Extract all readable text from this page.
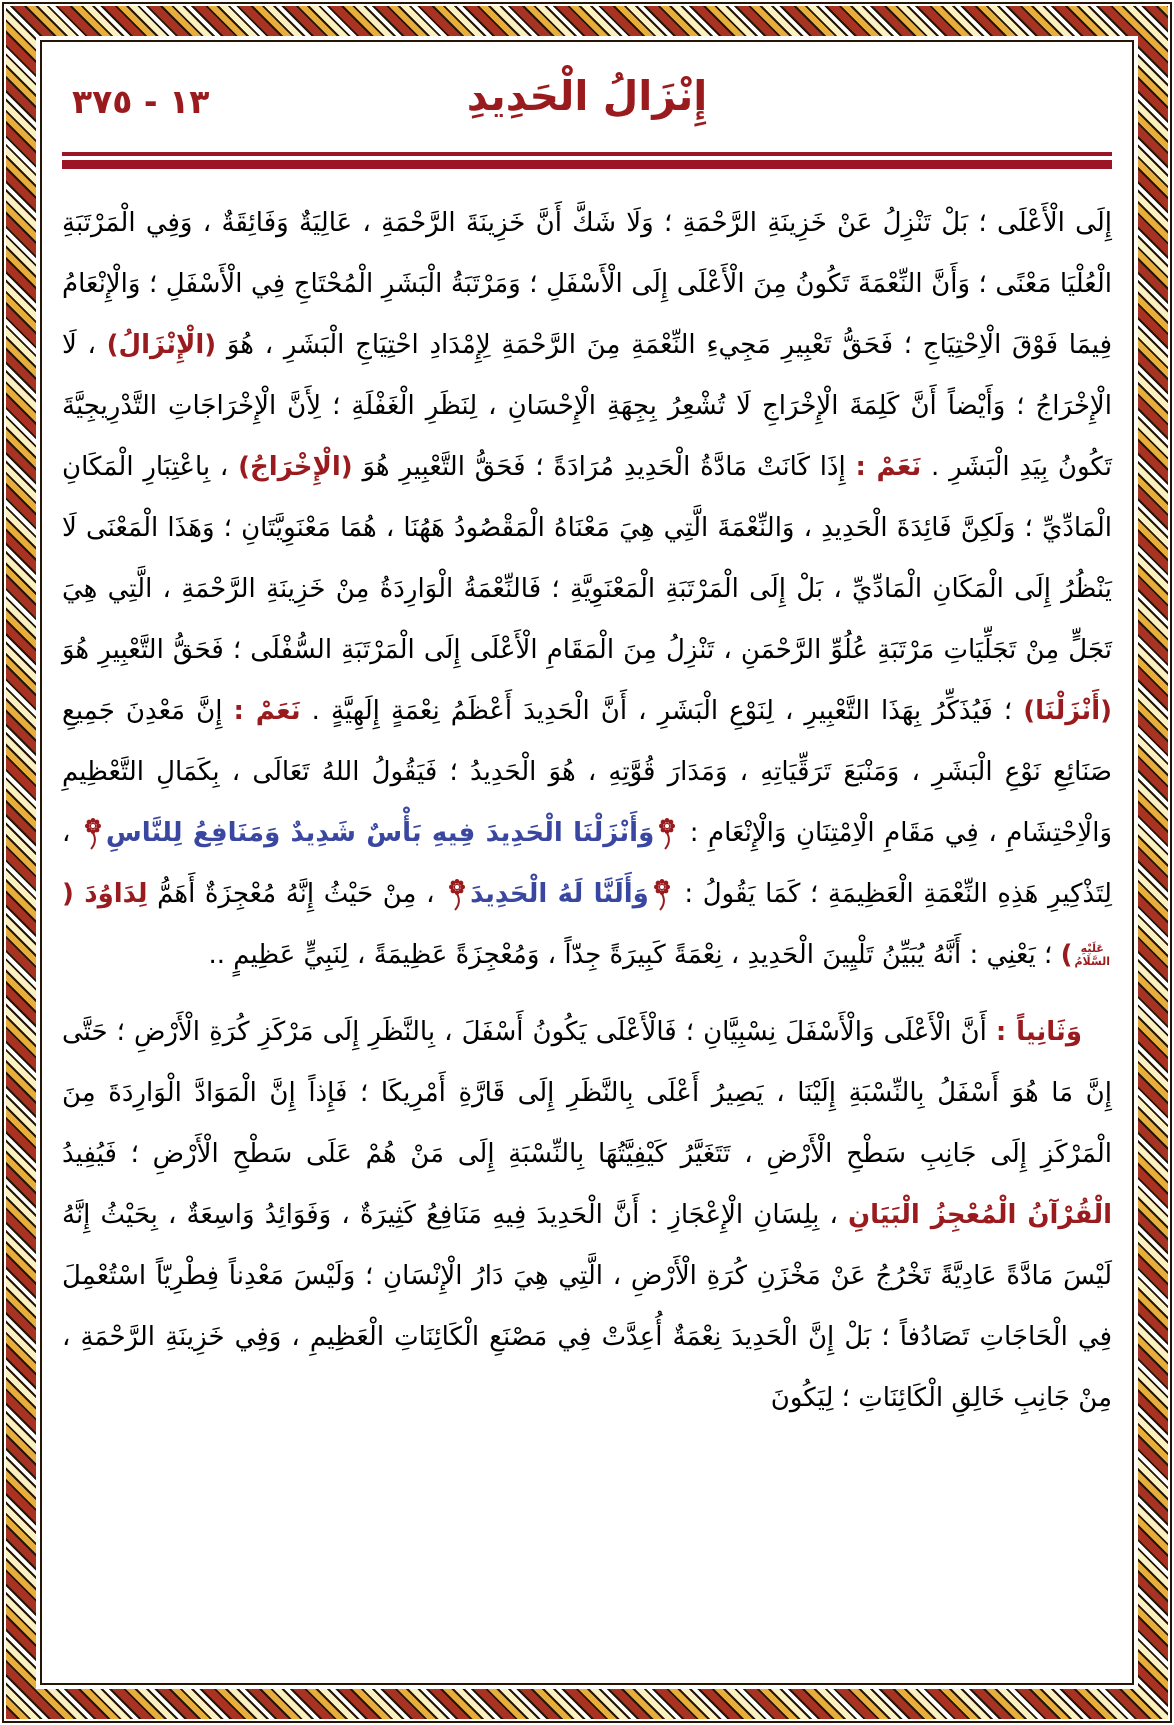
١٣ - ٣٧٥	إِنْزَالُ الْحَدِيدِ

إِلَى الْأَعْلَى ؛ بَلْ تَنْزِلُ عَنْ خَزِينَةِ الرَّحْمَةِ ؛ وَلَا شَكَّ أَنَّ خَزِينَةَ الرَّحْمَةِ ، عَالِيَةٌ وَفَائِقَةٌ ، وَفِي الْمَرْتَبَةِ الْعُلْيَا مَعْنًى ؛ وَأَنَّ النِّعْمَةَ تَكُونُ مِنَ الْأَعْلَى إِلَى الْأَسْفَلِ ؛ وَمَرْتَبَةُ الْبَشَرِ الْمُحْتَاجِ فِي الْأَسْفَلِ ؛ وَالْإِنْعَامُ فِيمَا فَوْقَ الْاِحْتِيَاجِ ؛ فَحَقُّ تَعْبِيرِ مَجِيءِ النِّعْمَةِ مِنَ الرَّحْمَةِ لِإِمْدَادِ احْتِيَاجِ الْبَشَرِ ، هُوَ (الْإِنْزَالُ) ، لَا الْإِخْرَاجُ ؛ وَأَيْضاً أَنَّ كَلِمَةَ الْإِخْرَاجِ لَا تُشْعِرُ بِجِهَةِ الْإِحْسَانِ ، لِنَظَرِ الْغَفْلَةِ ؛ لِأَنَّ الْإِخْرَاجَاتِ التَّدْرِيجِيَّةَ تَكُونُ بِيَدِ الْبَشَرِ . نَعَمْ : إِذَا كَانَتْ مَادَّةُ الْحَدِيدِ مُرَادَةً ؛ فَحَقُّ التَّعْبِيرِ هُوَ (الْإِخْرَاجُ) ، بِاعْتِبَارِ الْمَكَانِ الْمَادِّيِّ ؛ وَلَكِنَّ فَائِدَةَ الْحَدِيدِ ، وَالنِّعْمَةَ الَّتِي هِيَ مَعْنَاهُ الْمَقْصُودُ هَهُنَا ، هُمَا مَعْنَوِيَّتَانِ ؛ وَهَذَا الْمَعْنَى لَا يَنْظُرُ إِلَى الْمَكَانِ الْمَادِّيِّ ، بَلْ إِلَى الْمَرْتَبَةِ الْمَعْنَوِيَّةِ ؛ فَالنِّعْمَةُ الْوَارِدَةُ مِنْ خَزِينَةِ الرَّحْمَةِ ، الَّتِي هِيَ تَجَلٍّ مِنْ تَجَلِّيَاتِ مَرْتَبَةِ عُلُوِّ الرَّحْمَنِ ، تَنْزِلُ مِنَ الْمَقَامِ الْأَعْلَى إِلَى الْمَرْتَبَةِ السُّفْلَى ؛ فَحَقُّ التَّعْبِيرِ هُوَ (أَنْزَلْنَا) ؛ فَيُذَكِّرُ بِهَذَا التَّعْبِيرِ ، لِنَوْعِ الْبَشَرِ ، أَنَّ الْحَدِيدَ أَعْظَمُ نِعْمَةٍ إِلَهِيَّةٍ . نَعَمْ : إِنَّ مَعْدِنَ جَمِيعِ صَنَائِعِ نَوْعِ الْبَشَرِ ، وَمَنْبَعَ تَرَقِّيَاتِهِ ، وَمَدَارَ قُوَّتِهِ ، هُوَ الْحَدِيدُ ؛ فَيَقُولُ اللهُ تَعَالَى ، بِكَمَالِ التَّعْظِيمِ وَالْاِحْتِشَامِ ، فِي مَقَامِ الْاِمْتِنَانِ وَالْإِنْعَامِ : وَأَنْزَلْنَا الْحَدِيدَ فِيهِ بَأْسٌ شَدِيدٌ وَمَنَافِعُ لِلنَّاسِ ، لِتَذْكِيرِ هَذِهِ النِّعْمَةِ الْعَظِيمَةِ ؛ كَمَا يَقُولُ : وَأَلَنَّا لَهُ الْحَدِيدَ ، مِنْ حَيْثُ إِنَّهُ مُعْجِزَةٌ أَهَمُّ لِدَاوُدَ (
عَلَيْهِ
السَّلَامُ
) ؛ يَعْنِي : أَنَّهُ يُبَيِّنُ تَلْيِينَ الْحَدِيدِ ، نِعْمَةً كَبِيرَةً جِدّاً ، وَمُعْجِزَةً عَظِيمَةً ، لِنَبِيٍّ عَظِيمٍ ..

وَثَانِياً : أَنَّ الْأَعْلَى وَالْأَسْفَلَ نِسْبِيَّانِ ؛ فَالْأَعْلَى يَكُونُ أَسْفَلَ ، بِالنَّظَرِ إِلَى مَرْكَزِ كُرَةِ الْأَرْضِ ؛ حَتَّى إِنَّ مَا هُوَ أَسْفَلُ بِالنِّسْبَةِ إِلَيْنَا ، يَصِيرُ أَعْلَى بِالنَّظَرِ إِلَى قَارَّةِ أَمْرِيكَا ؛ فَإِذاً إِنَّ الْمَوَادَّ الْوَارِدَةَ مِنَ الْمَرْكَزِ إِلَى جَانِبِ سَطْحِ الْأَرْضِ ، تَتَغَيَّرُ كَيْفِيَّتُهَا بِالنِّسْبَةِ إِلَى مَنْ هُمْ عَلَى سَطْحِ الْأَرْضِ ؛ فَيُفِيدُ الْقُرْآنُ الْمُعْجِزُ الْبَيَانِ ، بِلِسَانِ الْإِعْجَازِ : أَنَّ الْحَدِيدَ فِيهِ مَنَافِعُ كَثِيرَةٌ ، وَفَوَائِدُ وَاسِعَةٌ ، بِحَيْثُ إِنَّهُ لَيْسَ مَادَّةً عَادِيَّةً تَخْرُجُ عَنْ مَخْزَنِ كُرَةِ الْأَرْضِ ، الَّتِي هِيَ دَارُ الْإِنْسَانِ ؛ وَلَيْسَ مَعْدِناً فِطْرِيّاً اسْتُعْمِلَ فِي الْحَاجَاتِ تَصَادُفاً ؛ بَلْ إِنَّ الْحَدِيدَ نِعْمَةٌ أُعِدَّتْ فِي مَصْنَعِ الْكَائِنَاتِ الْعَظِيمِ ، وَفِي خَزِينَةِ الرَّحْمَةِ ، مِنْ جَانِبِ خَالِقِ الْكَائِنَاتِ ؛ لِيَكُونَ
